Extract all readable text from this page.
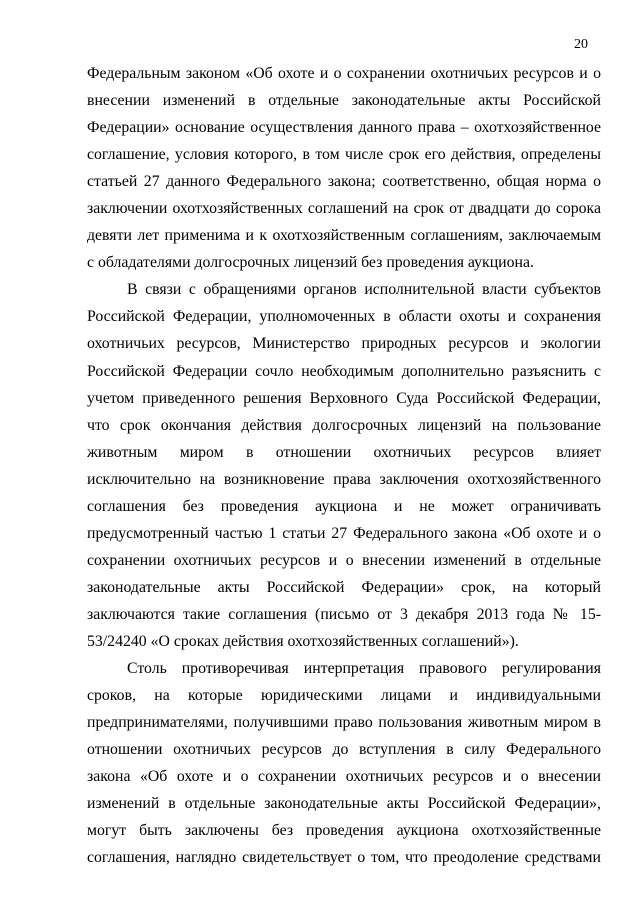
20
Федеральным законом «Об охоте и о сохранении охотничьих ресурсов и о
внесении изменений в отдельные законодательные акты Российской
Федерации» основание осуществления данного права – охотхозяйственное
соглашение, условия которого, в том числе срок его действия, определены
статьей 27 данного Федерального закона; соответственно, общая норма о
заключении охотхозяйственных соглашений на срок от двадцати до сорока
девяти лет применима и к охотхозяйственным соглашениям, заключаемым
с обладателями долгосрочных лицензий без проведения аукциона.
В связи с обращениями органов исполнительной власти субъектов
Российской Федерации, уполномоченных в области охоты и сохранения
охотничьих ресурсов, Министерство природных ресурсов и экологии
Российской Федерации сочло необходимым дополнительно разъяснить с
учетом приведенного решения Верховного Суда Российской Федерации,
что срок окончания действия долгосрочных лицензий на пользование
животным миром в отношении охотничьих ресурсов влияет
исключительно на возникновение права заключения охотхозяйственного
соглашения без проведения аукциона и не может ограничивать
предусмотренный частью 1 статьи 27 Федерального закона «Об охоте и о
сохранении охотничьих ресурсов и о внесении изменений в отдельные
законодательные акты Российской Федерации» срок, на который
заключаются такие соглашения (письмо от 3 декабря 2013 года № 15-
53/24240 «О сроках действия охотхозяйственных соглашений»).
Столь противоречивая интерпретация правового регулирования
сроков, на которые юридическими лицами и индивидуальными
предпринимателями, получившими право пользования животным миром в
отношении охотничьих ресурсов до вступления в силу Федерального
закона «Об охоте и о сохранении охотничьих ресурсов и о внесении
изменений в отдельные законодательные акты Российской Федерации»,
могут быть заключены без проведения аукциона охотхозяйственные
соглашения, наглядно свидетельствует о том, что преодоление средствами
